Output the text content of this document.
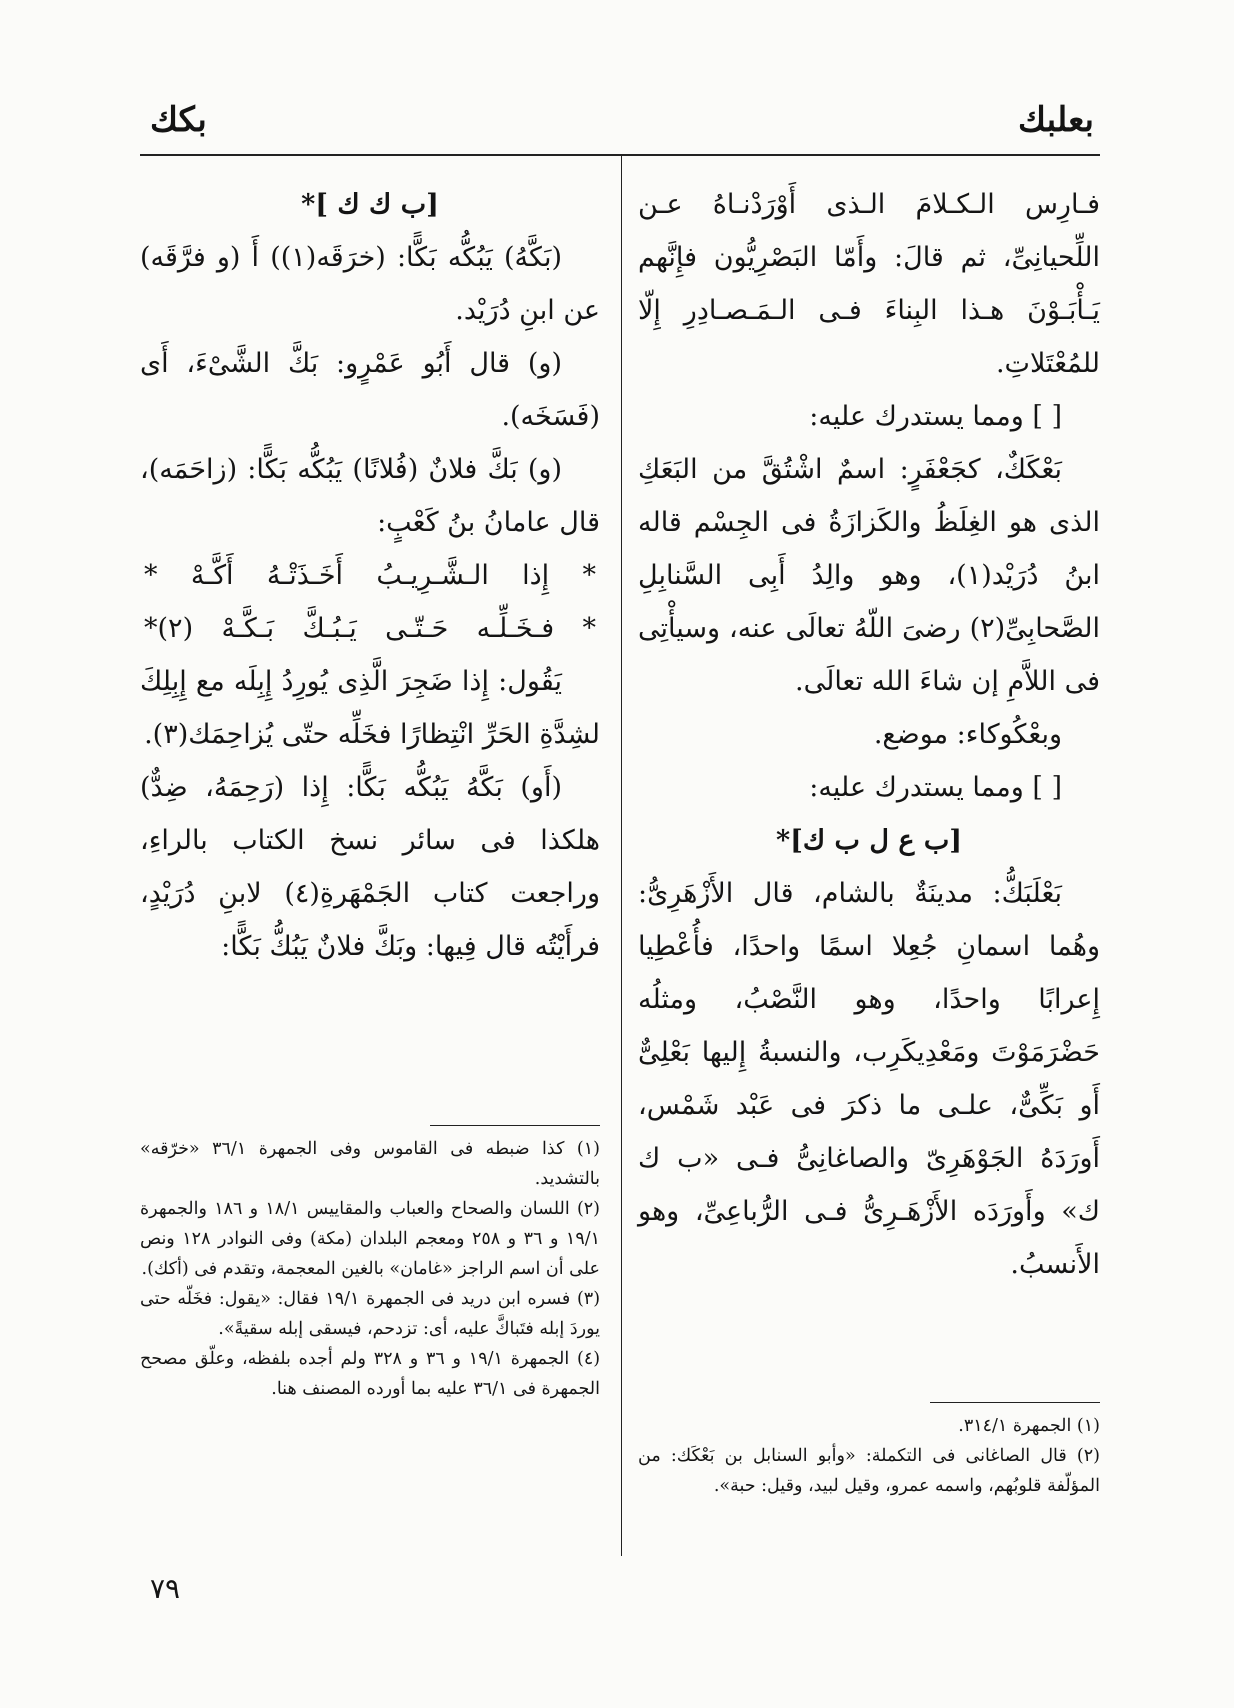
بعلبك
بكك

فـارِس الـكـلامَ الـذى أَوْرَدْنـاهُ عـن اللِّحيانِىِّ، ثم قالَ: وأَمّا البَصْرِيُّون فإِنَّهم يَـأْبَـوْنَ هـذا البِناءَ فـى الـمَـصـادِرِ إِلّا للمُعْتَلاتِ.

[ ] ومما يستدرك عليه:

بَعْكَكٌ، كجَعْفَرٍ: اسمٌ اشْتُقَّ من البَعَكِ الذى هو الغِلَظُ والكَزازَةُ فى الجِسْم قاله ابنُ دُرَيْد(١)، وهو والِدُ أَبِى السَّنابِلِ الصَّحابِىِّ(٢) رضىَ اللّهُ تعالَى عنه، وسيأْتِى فى اللاَّمِ إن شاءَ الله تعالَى.

وبعْكُوكاء: موضع.

[ ] ومما يستدرك عليه:

[ب ع ل ب ك]*

بَعْلَبَكُّ: مدينَةٌ بالشام، قال الأَزْهَرِىُّ: وهُما اسمانِ جُعِلا اسمًا واحدًا، فأُعْطِيا إِعرابًا واحدًا، وهو النَّصْبُ، ومثلُه حَضْرَمَوْتَ ومَعْدِيكَرِب، والنسبةُ إِليها بَعْلِىٌّ أَو بَكِّىٌّ، علـى ما ذكرَ فى عَبْد شَمْس، أَورَدَهُ الجَوْهَرِىّ والصاغانِىُّ فـى «ب ك ك» وأَورَدَه الأَزْهَـرِىُّ فـى الرُّباعِىِّ، وهو الأَنسبُ.

(١) الجمهرة ٣١٤/١.

(٢) قال الصاغانى فى التكملة: «وأبو السنابل بن بَعْكَك: من المؤلّفة قلوبُهم، واسمه عمرو، وقيل لبيد، وقيل: حبة».

[ب ك ك ]*

(بَكَّهُ) يَبُكُّه بَكًّا: (خرَقَه(١)) أَ (و فرَّقَه) عن ابنِ دُرَيْد.

(و) قال أَبُو عَمْرٍو: بَكَّ الشَّىْءَ، أَى (فَسَخَه).

(و) بَكَّ فلانٌ (فُلانًا) يَبُكُّه بَكًّا: (زاحَمَه)، قال عامانُ بنُ كَعْبٍ:

* إِذا الـشَّـرِيـبُ أَخَـذَتْـهُ أَكَّـهْ *

* فـخَـلِّـه حَـتّـى يَـبُـكَّ بَـكَّـهْ (٢)*

يَقُول: إِذا ضَجِرَ الَّذِى يُورِدُ إِبِلَه مع إِبِلِكَ لشِدَّةِ الحَرِّ انْتِظارًا فخَلِّه حتّى يُزاحِمَك(٣).

(أَو) بَكَّهُ يَبُكُّه بَكًّا: إِذا (رَحِمَهُ، ضِدٌّ) هلكذا فى سائر نسخ الكتاب بالراءِ، وراجعت كتاب الجَمْهَرةِ(٤) لابنِ دُرَيْدٍ، فرأَيْتُه قال فِيها: وبَكَّ فلانٌ يَبُكُّ بَكًّا:

(١) كذا ضبطه فى القاموس وفى الجمهرة ٣٦/١ «خرّقه» بالتشديد.

(٢) اللسان والصحاح والعباب والمقاييس ١٨/١ و ١٨٦ والجمهرة ١٩/١ و ٣٦ و ٢٥٨ ومعجم البلدان (مكة) وفى النوادر ١٢٨ ونص على أن اسم الراجز «غامان» بالغين المعجمة، وتقدم فى (أكك).

(٣) فسره ابن دريد فى الجمهرة ١٩/١ فقال: «يقول: فخَلّه حتى يوردَ إبله فتَباكَّ عليه، أى: تزدحم، فيسقى إبله سقيةً».

(٤) الجمهرة ١٩/١ و ٣٦ و ٣٢٨ ولم أجده بلفظه، وعلّق مصحح الجمهرة فى ٣٦/١ عليه بما أورده المصنف هنا.

٧٩
